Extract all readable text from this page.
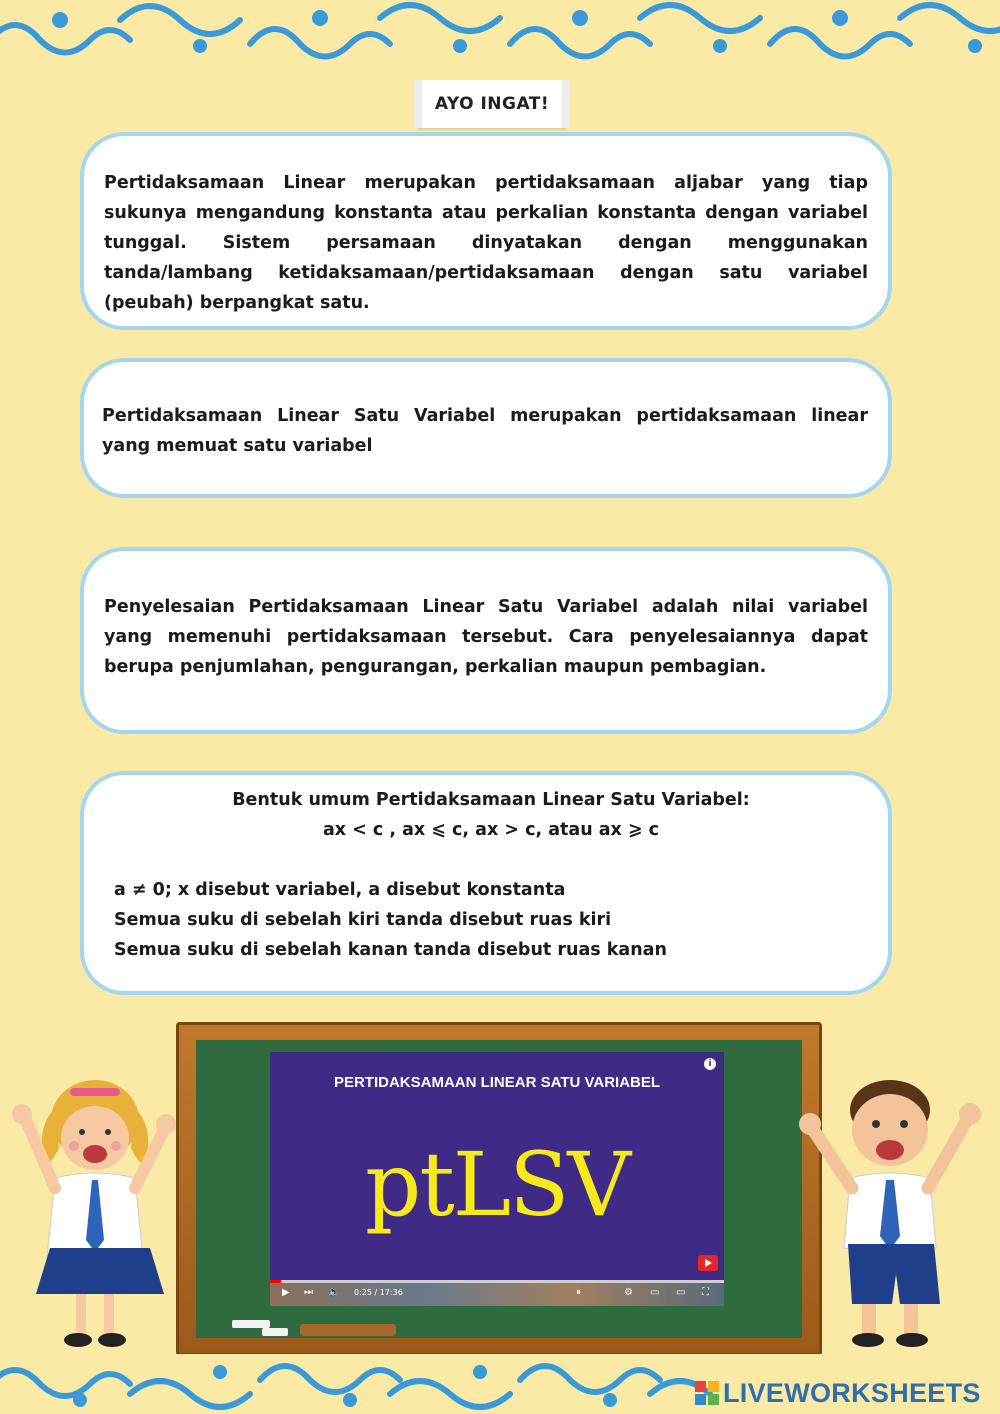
AYO INGAT!

Pertidaksamaan Linear merupakan pertidaksamaan aljabar yang tiap sukunya mengandung konstanta atau perkalian konstanta dengan variabel tunggal. Sistem persamaan dinyatakan dengan menggunakan tanda/lambang ketidaksamaan/pertidaksamaan dengan satu variabel (peubah) berpangkat satu.

Pertidaksamaan Linear Satu Variabel merupakan pertidaksamaan linear yang memuat satu variabel

Penyelesaian Pertidaksamaan Linear Satu Variabel adalah nilai variabel yang memenuhi pertidaksamaan tersebut. Cara penyelesaiannya dapat berupa penjumlahan, pengurangan, perkalian maupun pembagian.

Bentuk umum Pertidaksamaan Linear Satu Variabel:

ax < c , ax ⩽ c, ax > c, atau ax ⩾ c

a ≠ 0; x disebut variabel, a disebut konstanta
Semua suku di sebelah kiri tanda disebut ruas kiri
Semua suku di sebelah kanan tanda disebut ruas kanan
PERTIDAKSAMAAN LINEAR SATU VARIABEL
ptLSV
i
▶ ⏭ 🔈 0:25 / 17:36	⏸	⚙ ▭ ▭ ⛶
LIVEWORKSHEETS
